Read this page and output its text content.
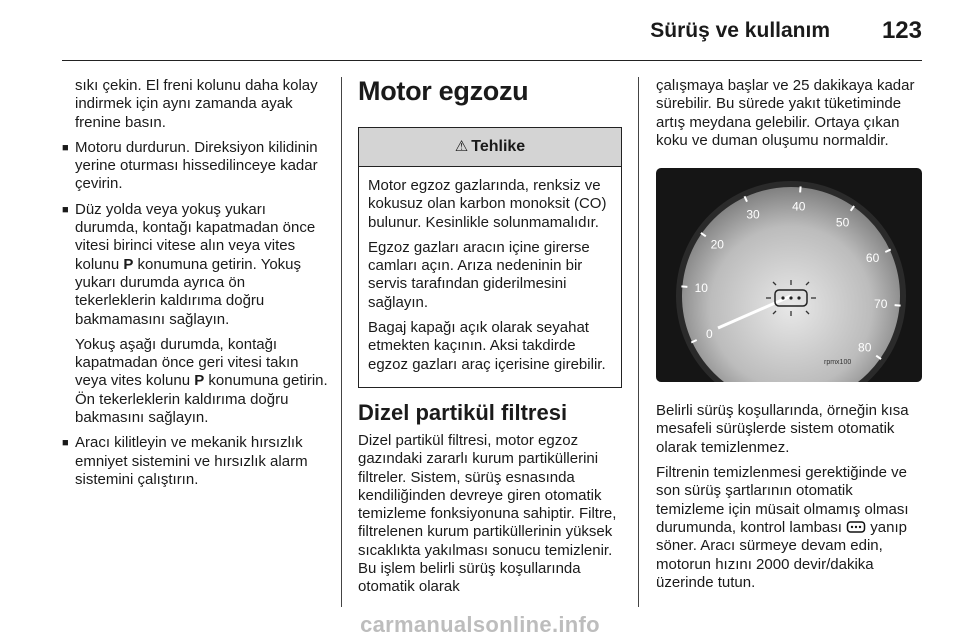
Sürüş ve kullanım 123

sıkı çekin. El freni kolunu daha kolay indirmek için aynı zamanda ayak frenine basın.

■ Motoru durdurun. Direksiyon kilidinin yerine oturması hissedilinceye kadar çevirin.
■ Düz yolda veya yokuş yukarı durumda, kontağı kapatmadan önce vitesi birinci vitese alın veya vites kolunu P konumuna getirin. Yokuş yukarı durumda ayrıca ön tekerleklerin kaldırıma doğru bakmamasını sağlayın.

Yokuş aşağı durumda, kontağı kapatmadan önce geri vitesi takın veya vites kolunu P konumuna getirin. Ön tekerleklerin kaldırıma doğru bakmasını sağlayın.

■ Aracı kilitleyin ve mekanik hırsızlık emniyet sistemini ve hırsızlık alarm sistemini çalıştırın.
Motor egzozu
⚠ Tehlike

Motor egzoz gazlarında, renksiz ve kokusuz olan karbon monoksit (CO) bulunur. Kesinlikle solunmamalıdır.

Egzoz gazları aracın içine girerse camları açın. Arıza nedeninin bir servis tarafından giderilmesini sağlayın.

Bagaj kapağı açık olarak seyahat etmekten kaçının. Aksi takdirde egzoz gazları araç içerisine girebilir.

Dizel partikül filtresi

Dizel partikül filtresi, motor egzoz gazındaki zararlı kurum partiküllerini filtreler. Sistem, sürüş esnasında kendiliğinden devreye giren otomatik temizleme fonksiyonuna sahiptir. Filtre, filtrelenen kurum partiküllerinin yüksek sıcaklıkta yakılması sonucu temizlenir. Bu işlem belirli sürüş koşullarında otomatik olarak

çalışmaya başlar ve 25 dakikaya kadar sürebilir. Bu sürede yakıt tüketiminde artış meydana gelebilir. Ortaya çıkan koku ve duman oluşumu normaldir.

0
10
20
30
40
50
60
70
80
rpmx100

Belirli sürüş koşullarında, örneğin kısa mesafeli sürüşlerde sistem otomatik olarak temizlenmez.

Filtrenin temizlenmesi gerektiğinde ve son sürüş şartlarının otomatik temizleme için müsait olmamış olması durumunda, kontrol lambası  yanıp söner. Aracı sürmeye devam edin, motorun hızını 2000 devir/dakika üzerinde tutun.

carmanualsonline.info
